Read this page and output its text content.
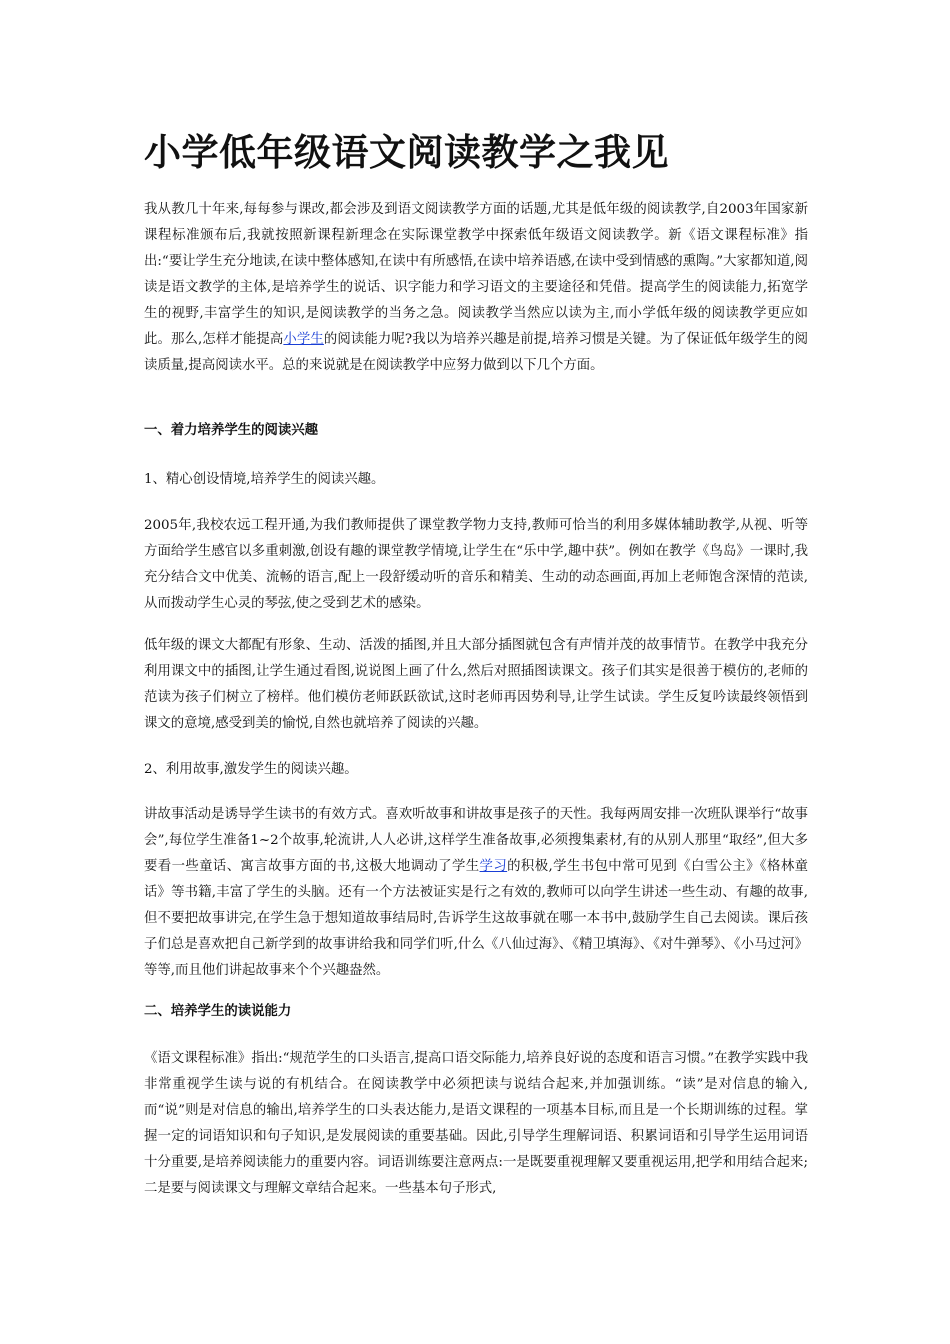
小学低年级语文阅读教学之我见

我从教几十年来,每每参与课改,都会涉及到语文阅读教学方面的话题,尤其是低年级的阅读教学,自2003年国家新课程标准颁布后,我就按照新课程新理念在实际课堂教学中探索低年级语文阅读教学。新《语文课程标准》指出:“要让学生充分地读,在读中整体感知,在读中有所感悟,在读中培养语感,在读中受到情感的熏陶。”大家都知道,阅读是语文教学的主体,是培养学生的说话、识字能力和学习语文的主要途径和凭借。提高学生的阅读能力,拓宽学生的视野,丰富学生的知识,是阅读教学的当务之急。阅读教学当然应以读为主,而小学低年级的阅读教学更应如此。那么,怎样才能提高小学生的阅读能力呢?我以为培养兴趣是前提,培养习惯是关键。为了保证低年级学生的阅读质量,提高阅读水平。总的来说就是在阅读教学中应努力做到以下几个方面。

一、着力培养学生的阅读兴趣

1、精心创设情境,培养学生的阅读兴趣。

2005年,我校农远工程开通,为我们教师提供了课堂教学物力支持,教师可恰当的利用多媒体辅助教学,从视、听等方面给学生感官以多重刺激,创设有趣的课堂教学情境,让学生在“乐中学,趣中获”。例如在教学《鸟岛》一课时,我充分结合文中优美、流畅的语言,配上一段舒缓动听的音乐和精美、生动的动态画面,再加上老师饱含深情的范读,从而拨动学生心灵的琴弦,使之受到艺术的感染。

低年级的课文大都配有形象、生动、活泼的插图,并且大部分插图就包含有声情并茂的故事情节。在教学中我充分利用课文中的插图,让学生通过看图,说说图上画了什么,然后对照插图读课文。孩子们其实是很善于模仿的,老师的范读为孩子们树立了榜样。他们模仿老师跃跃欲试,这时老师再因势利导,让学生试读。学生反复吟读最终领悟到课文的意境,感受到美的愉悦,自然也就培养了阅读的兴趣。

2、利用故事,激发学生的阅读兴趣。

讲故事活动是诱导学生读书的有效方式。喜欢听故事和讲故事是孩子的天性。我每两周安排一次班队课举行“故事会”,每位学生准备1~2个故事,轮流讲,人人必讲,这样学生准备故事,必须搜集素材,有的从别人那里“取经”,但大多要看一些童话、寓言故事方面的书,这极大地调动了学生学习的积极,学生书包中常可见到《白雪公主》《格林童话》等书籍,丰富了学生的头脑。还有一个方法被证实是行之有效的,教师可以向学生讲述一些生动、有趣的故事,但不要把故事讲完,在学生急于想知道故事结局时,告诉学生这故事就在哪一本书中,鼓励学生自己去阅读。课后孩子们总是喜欢把自己新学到的故事讲给我和同学们听,什么《八仙过海》、《精卫填海》、《对牛弹琴》、《小马过河》等等,而且他们讲起故事来个个兴趣盎然。

二、培养学生的读说能力

《语文课程标准》指出:“规范学生的口头语言,提高口语交际能力,培养良好说的态度和语言习惯。”在教学实践中我非常重视学生读与说的有机结合。在阅读教学中必须把读与说结合起来,并加强训练。“读”是对信息的输入,而“说”则是对信息的输出,培养学生的口头表达能力,是语文课程的一项基本目标,而且是一个长期训练的过程。掌握一定的词语知识和句子知识,是发展阅读的重要基础。因此,引导学生理解词语、积累词语和引导学生运用词语十分重要,是培养阅读能力的重要内容。词语训练要注意两点:一是既要重视理解又要重视运用,把学和用结合起来;二是要与阅读课文与理解文章结合起来。一些基本句子形式,
